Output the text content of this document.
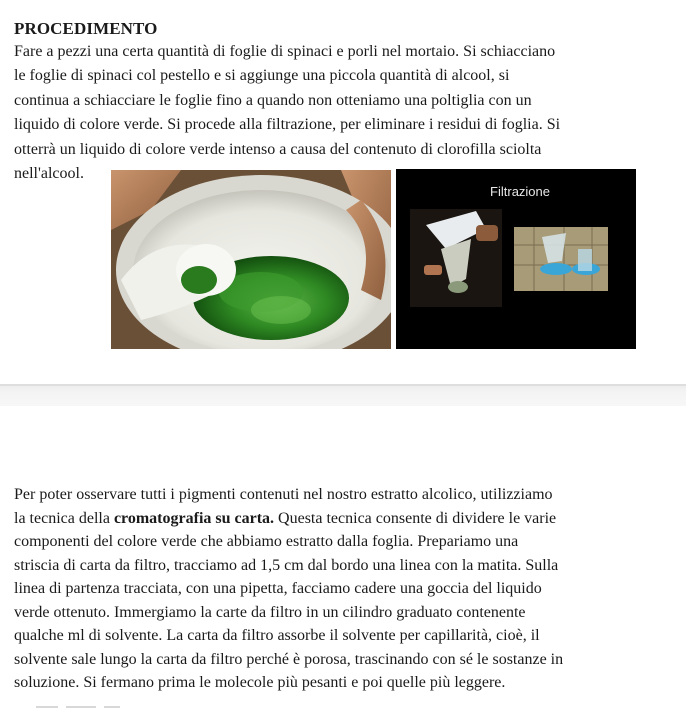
PROCEDIMENTO
Fare a pezzi una certa quantità di foglie di spinaci e porli nel mortaio. Si schiacciano
le foglie di spinaci col pestello e si aggiunge una piccola quantità di alcool, si
continua a schiacciare le foglie fino a quando non otteniamo una poltiglia con un
liquido di colore verde. Si procede alla filtrazione, per eliminare i residui di foglia. Si
otterrà un liquido di colore verde intenso a causa del contenuto di clorofilla sciolta
nell'alcool.
Filtrazione
Per poter osservare tutti i pigmenti contenuti nel nostro estratto alcolico, utilizziamo
la tecnica della cromatografia su carta. Questa tecnica consente di dividere le varie
componenti del colore verde che abbiamo estratto dalla foglia. Prepariamo una
striscia di carta da filtro, tracciamo ad 1,5 cm dal bordo una linea con la matita. Sulla
linea di partenza tracciata, con una pipetta, facciamo cadere una goccia del liquido
verde ottenuto. Immergiamo la carte da filtro in un cilindro graduato contenente
qualche ml di solvente. La carta da filtro assorbe il solvente per capillarità, cioè, il
solvente sale lungo la carta da filtro perché è porosa, trascinando con sé le sostanze in
soluzione. Si fermano prima le molecole più pesanti e poi quelle più leggere.
